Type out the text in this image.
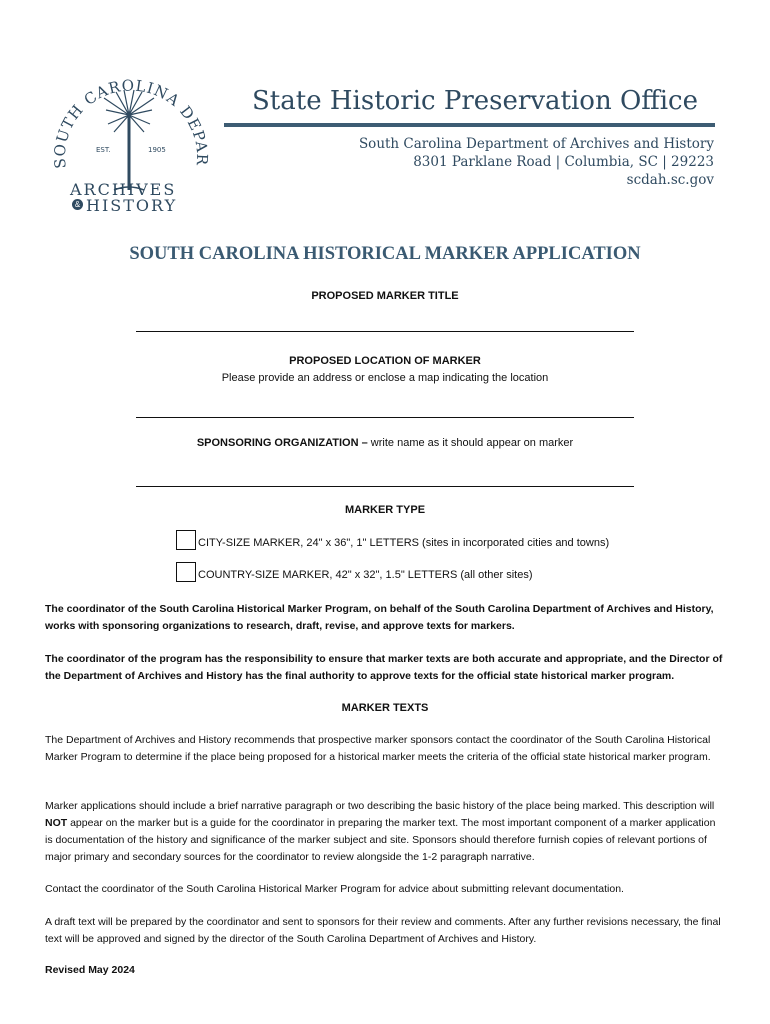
SOUTH CAROLINA DEPAR
EST.	1905
ARCHIVES
& HISTORY
State Historic Preservation Office
South Carolina Department of Archives and History
8301 Parklane Road | Columbia, SC | 29223
scdah.sc.gov
SOUTH CAROLINA HISTORICAL MARKER APPLICATION
PROPOSED MARKER TITLE
PROPOSED LOCATION OF MARKER
Please provide an address or enclose a map indicating the location
SPONSORING ORGANIZATION – write name as it should appear on marker
MARKER TYPE
CITY-SIZE MARKER, 24" x 36", 1" LETTERS (sites in incorporated cities and towns)
COUNTRY-SIZE MARKER, 42" x 32", 1.5" LETTERS (all other sites)
The coordinator of the South Carolina Historical Marker Program, on behalf of the South Carolina Department of Archives and History, works with sponsoring organizations to research, draft, revise, and approve texts for markers.
The coordinator of the program has the responsibility to ensure that marker texts are both accurate and appropriate, and the Director of the Department of Archives and History has the final authority to approve texts for the official state historical marker program.
MARKER TEXTS
The Department of Archives and History recommends that prospective marker sponsors contact the coordinator of the South Carolina Historical Marker Program to determine if the place being proposed for a historical marker meets the criteria of the official state historical marker program.
Marker applications should include a brief narrative paragraph or two describing the basic history of the place being marked. This description will NOT appear on the marker but is a guide for the coordinator in preparing the marker text. The most important component of a marker application is documentation of the history and significance of the marker subject and site. Sponsors should therefore furnish copies of relevant portions of major primary and secondary sources for the coordinator to review alongside the 1-2 paragraph narrative.
Contact the coordinator of the South Carolina Historical Marker Program for advice about submitting relevant documentation.
A draft text will be prepared by the coordinator and sent to sponsors for their review and comments. After any further revisions necessary, the final text will be approved and signed by the director of the South Carolina Department of Archives and History.
Revised May 2024
